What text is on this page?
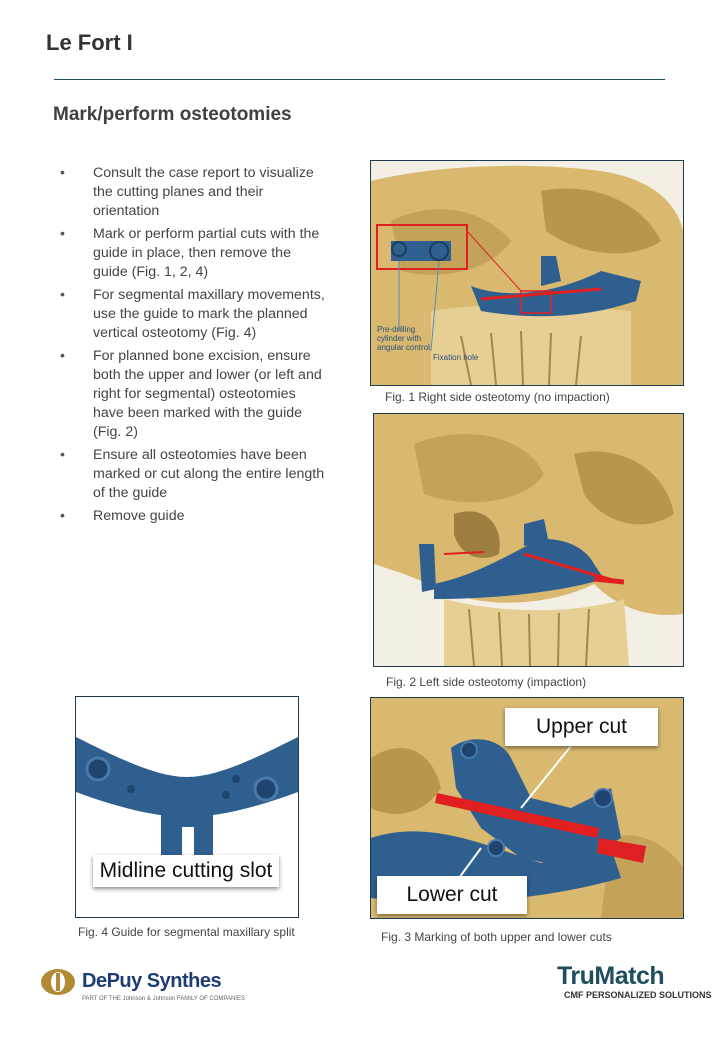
Le Fort I
Mark/perform osteotomies
• Consult the case report to visualize the cutting planes and their orientation
• Mark or perform partial cuts with the guide in place, then remove the guide (Fig. 1, 2, 4)
• For segmental maxillary movements, use the guide to mark the planned vertical osteotomy (Fig. 4)
• For planned bone excision, ensure both the upper and lower (or left and right for segmental) osteotomies have been marked with the guide (Fig. 2)
• Ensure all osteotomies have been marked or cut along the entire length of the guide
• Remove guide
Pre-drilling cylinder with angular control
Fixation hole
Fig. 1 Right side osteotomy (no impaction)
Fig. 2 Left side osteotomy (impaction)
Midline cutting slot
Fig. 4 Guide for segmental maxillary split
Upper cut
Lower cut
Fig. 3 Marking of both upper and lower cuts
DePuy Synthes
PART OF THE Johnson & Johnson FAMILY OF COMPANIES
TruMatch
CMF PERSONALIZED SOLUTIONS
